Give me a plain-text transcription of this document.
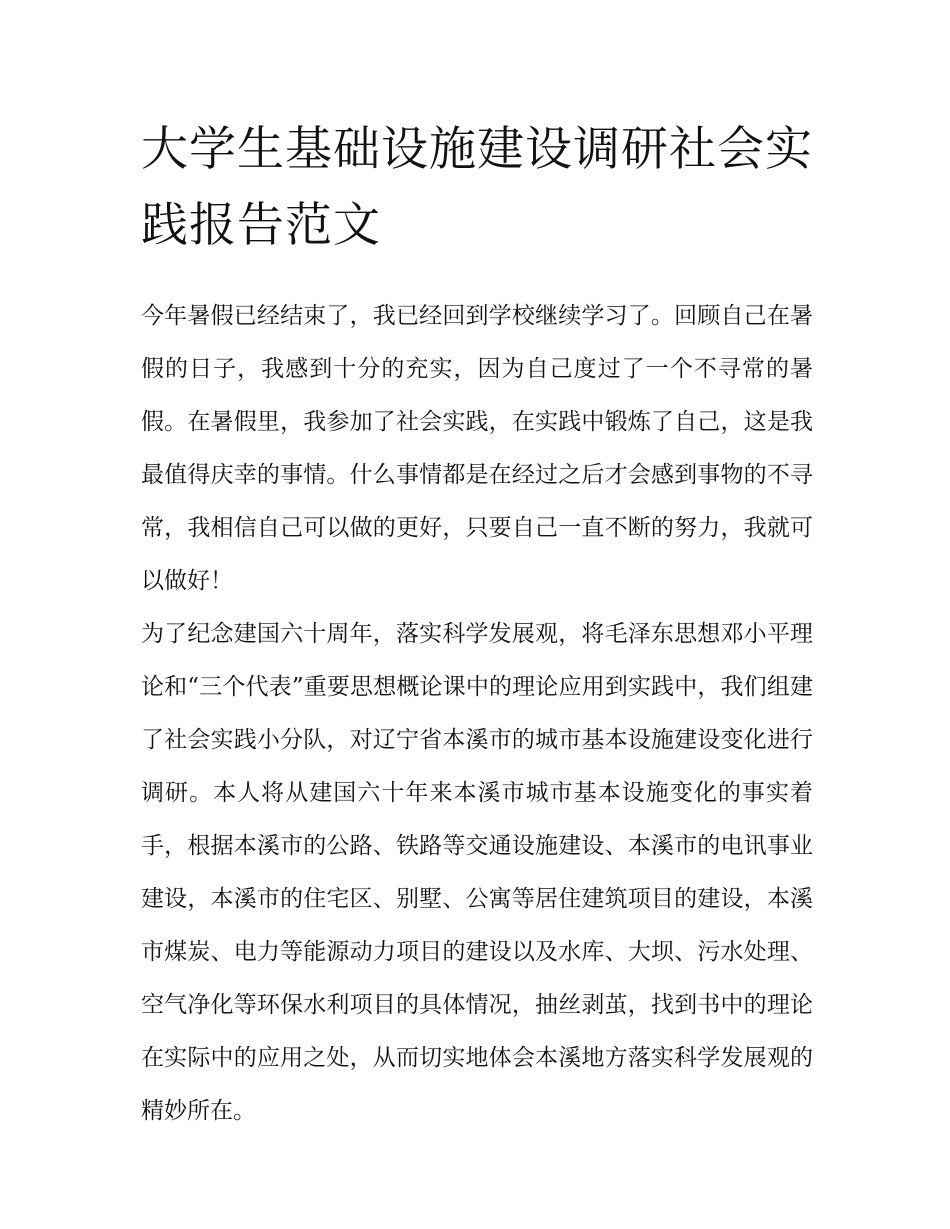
大学生基础设施建设调研社会实践报告范文

今年暑假已经结束了，我已经回到学校继续学习了。回顾自己在暑假的日子，我感到十分的充实，因为自己度过了一个不寻常的暑假。在暑假里，我参加了社会实践，在实践中锻炼了自己，这是我最值得庆幸的事情。什么事情都是在经过之后才会感到事物的不寻常，我相信自己可以做的更好，只要自己一直不断的努力，我就可以做好！

为了纪念建国六十周年，落实科学发展观，将毛泽东思想邓小平理论和“三个代表”重要思想概论课中的理论应用到实践中，我们组建了社会实践小分队，对辽宁省本溪市的城市基本设施建设变化进行调研。本人将从建国六十年来本溪市城市基本设施变化的事实着手，根据本溪市的公路、铁路等交通设施建设、本溪市的电讯事业建设，本溪市的住宅区、别墅、公寓等居住建筑项目的建设，本溪市煤炭、电力等能源动力项目的建设以及水库、大坝、污水处理、空气净化等环保水利项目的具体情况，抽丝剥茧，找到书中的理论在实际中的应用之处，从而切实地体会本溪地方落实科学发展观的精妙所在。
